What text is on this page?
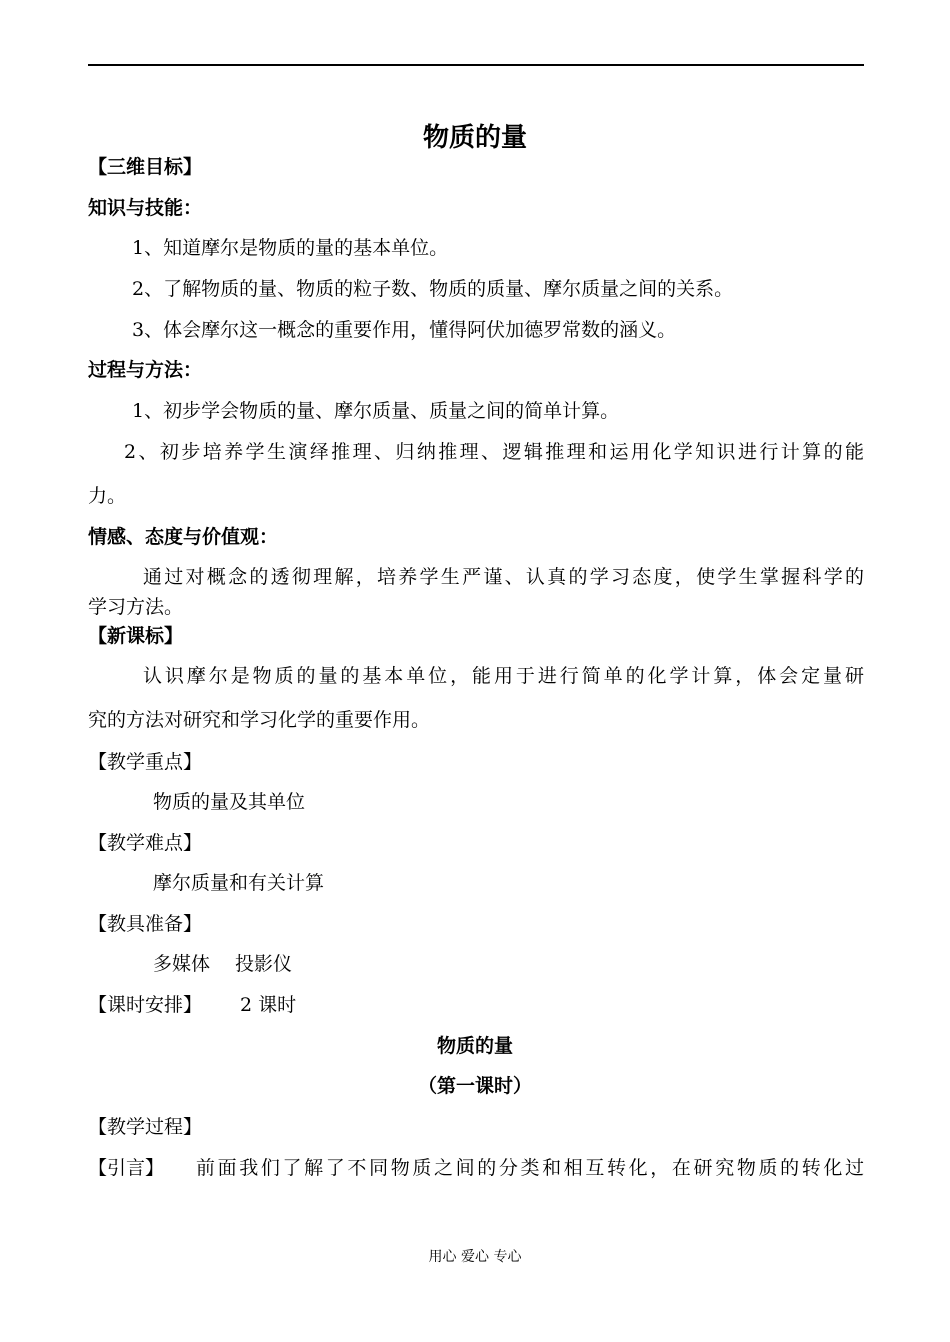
物质的量
【三维目标】
知识与技能：
1、知道摩尔是物质的量的基本单位。
2、了解物质的量、物质的粒子数、物质的质量、摩尔质量之间的关系。
3、体会摩尔这一概念的重要作用，懂得阿伏加德罗常数的涵义。
过程与方法：
1、初步学会物质的量、摩尔质量、质量之间的简单计算。
2、初步培养学生演绎推理、归纳推理、逻辑推理和运用化学知识进行计算的能
力。
情感、态度与价值观：
通过对概念的透彻理解，培养学生严谨、认真的学习态度，使学生掌握科学的
学习方法。
【新课标】
认识摩尔是物质的量的基本单位，能用于进行简单的化学计算，体会定量研
究的方法对研究和学习化学的重要作用。
【教学重点】
物质的量及其单位
【教学难点】
摩尔质量和有关计算
【教具准备】
多媒体　 投影仪
【课时安排】 2 课时
物质的量
（第一课时）
【教学过程】
【引言】 前面我们了解了不同物质之间的分类和相互转化，在研究物质的转化过
用心 爱心 专心
